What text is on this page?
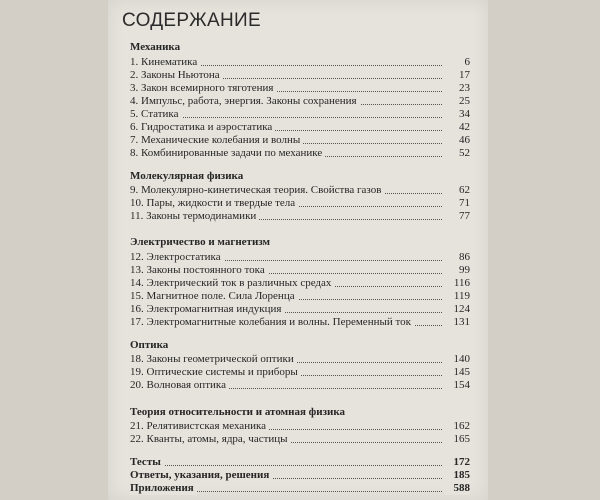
СОДЕРЖАНИЕ
Механика
1. Кинематика	6
2. Законы Ньютона	17
3. Закон всемирного тяготения	23
4. Импульс, работа, энергия. Законы сохранения	25
5. Статика	34
6. Гидростатика и аэростатика	42
7. Механические колебания и волны	46
8. Комбинированные задачи по механике	52
Молекулярная физика
9. Молекулярно-кинетическая теория. Свойства газов	62
10. Пары, жидкости и твердые тела	71
11. Законы термодинамики	77
Электричество и магнетизм
12. Электростатика	86
13. Законы постоянного тока	99
14. Электрический ток в различных средах	116
15. Магнитное поле. Сила Лоренца	119
16. Электромагнитная индукция	124
17. Электромагнитные колебания и волны. Переменный ток	131
Оптика
18. Законы геометрической оптики	140
19. Оптические системы и приборы	145
20. Волновая оптика	154
Теория относительности и атомная физика
21. Релятивистская механика	162
22. Кванты, атомы, ядра, частицы	165
Тесты	172
Ответы, указания, решения	185
Приложения	588
